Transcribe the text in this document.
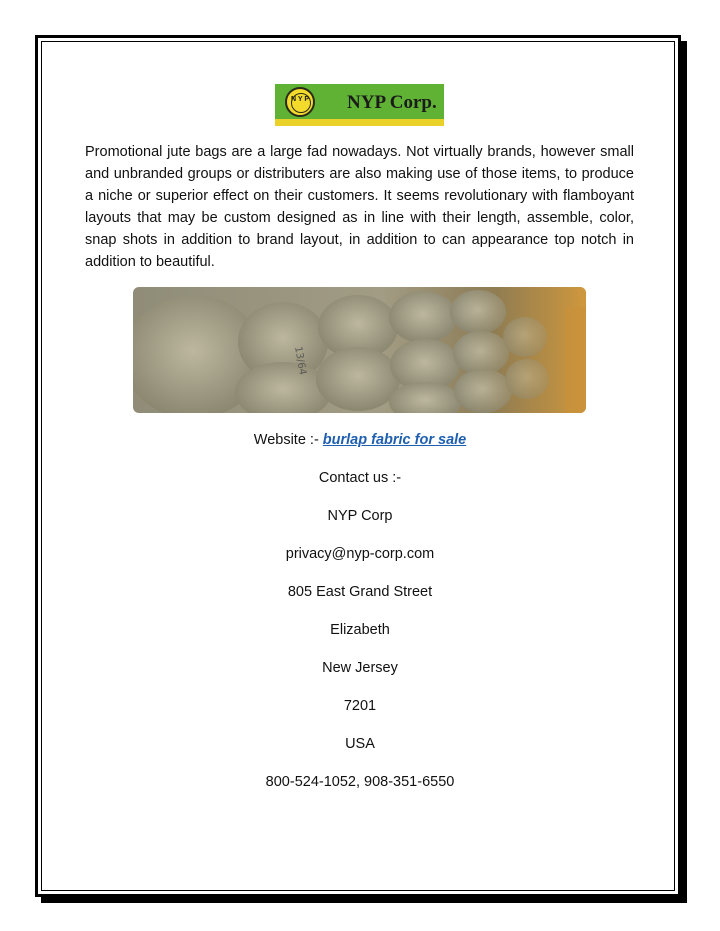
N Y P NYP Corp.
Promotional jute bags are a large fad nowadays. Not virtually brands, however small and unbranded groups or distributers are also making use of those items, to produce a niche or superior effect on their customers. It seems revolutionary with flamboyant layouts that may be custom designed as in line with their length, assemble, color, snap shots in addition to brand layout, in addition to can appearance top notch in addition to beautiful.
13/64
Website :- burlap fabric for sale
Contact us :-
NYP Corp
privacy@nyp-corp.com
805 East Grand Street
Elizabeth
New Jersey
7201
USA
800-524-1052, 908-351-6550
